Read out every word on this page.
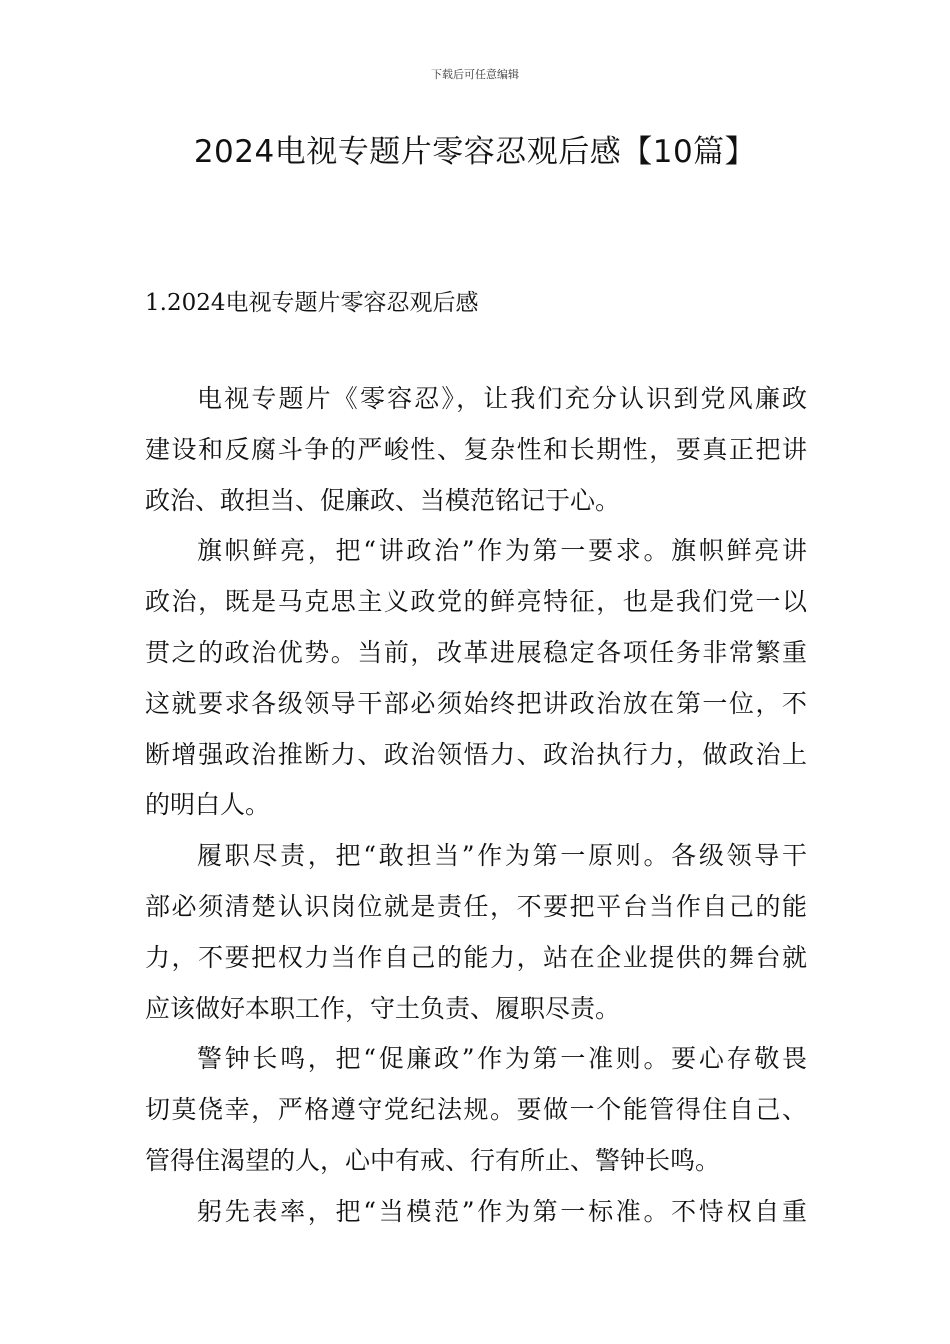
下载后可任意编辑
2024电视专题片零容忍观后感【10篇】
1.2024电视专题片零容忍观后感
电视专题片《零容忍》，让我们充分认识到党风廉政
建设和反腐斗争的严峻性、复杂性和长期性，要真正把讲
政治、敢担当、促廉政、当模范铭记于心。
旗帜鲜亮，把“讲政治”作为第一要求。旗帜鲜亮讲
政治，既是马克思主义政党的鲜亮特征，也是我们党一以
贯之的政治优势。当前，改革进展稳定各项任务非常繁重
这就要求各级领导干部必须始终把讲政治放在第一位，不
断增强政治推断力、政治领悟力、政治执行力，做政治上
的明白人。
履职尽责，把“敢担当”作为第一原则。各级领导干
部必须清楚认识岗位就是责任，不要把平台当作自己的能
力，不要把权力当作自己的能力，站在企业提供的舞台就
应该做好本职工作，守土负责、履职尽责。
警钟长鸣，把“促廉政”作为第一准则。要心存敬畏
切莫侥幸，严格遵守党纪法规。要做一个能管得住自己、
管得住渴望的人，心中有戒、行有所止、警钟长鸣。
躬先表率，把“当模范”作为第一标准。不恃权自重
